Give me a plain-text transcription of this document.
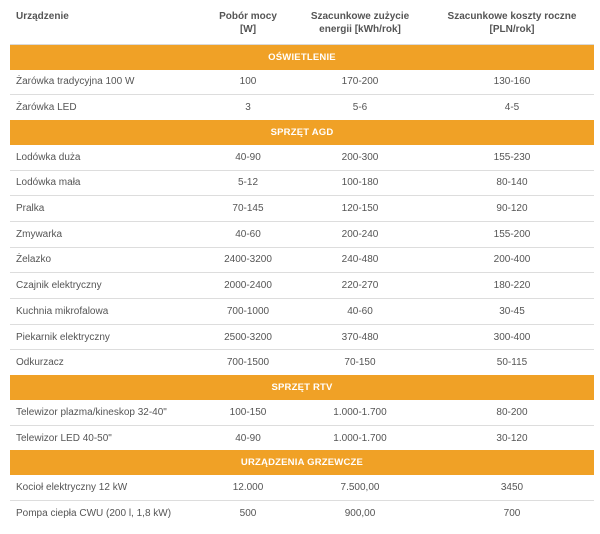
Urządzenie	Pobór mocy [W]	Szacunkowe zużycie energii [kWh/rok]	Szacunkowe koszty roczne [PLN/rok]
OŚWIETLENIE			
Żarówka tradycyjna 100 W	100	170-200	130-160
Żarówka LED	3	5-6	4-5
SPRZĘT AGD			
Lodówka duża	40-90	200-300	155-230
Lodówka mała	5-12	100-180	80-140
Pralka	70-145	120-150	90-120
Zmywarka	40-60	200-240	155-200
Żelazko	2400-3200	240-480	200-400
Czajnik elektryczny	2000-2400	220-270	180-220
Kuchnia mikrofalowa	700-1000	40-60	30-45
Piekarnik elektryczny	2500-3200	370-480	300-400
Odkurzacz	700-1500	70-150	50-115
SPRZĘT RTV			
Telewizor plazma/kineskop 32-40"	100-150	1.000-1.700	80-200
Telewizor LED 40-50"	40-90	1.000-1.700	30-120
URZĄDZENIA GRZEWCZE			
Kocioł elektryczny 12 kW	12.000	7.500,00	3450
Pompa ciepła CWU (200 l, 1,8 kW)	500	900,00	700
